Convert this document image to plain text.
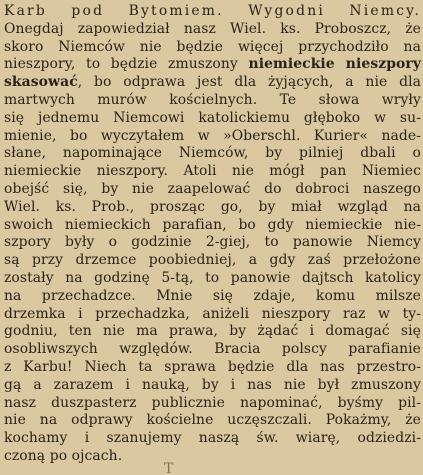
Karb pod Bytomiem. Wygodni Niemcy.
Onegdaj zapowiedział nasz Wiel. ks. Proboszcz, że
skoro Niemców nie będzie więcej przychodziło na
nieszpory, to będzie zmuszony niemieckie nieszpory
skasować, bo odprawa jest dla żyjących, a nie dla
martwych murów kościelnych. Te słowa wryły
się jednemu Niemcowi katolickiemu głęboko w su-
mienie, bo wyczytałem w »Oberschl. Kurier« nade-
słane, napominające Niemców, by pilniej dbali o
niemieckie nieszpory. Atoli nie mógł pan Niemiec
obejść się, by nie zaapelować do dobroci naszego
Wiel. ks. Prob., prosząc go, by miał wzgląd na
swoich niemieckich parafian, bo gdy niemieckie nie-
szpory były o godzinie 2-giej, to panowie Niemcy
są przy drzemce poobiedniej, a gdy zaś przełożone
zostały na godzinę 5-tą, to panowie dajtsch katolicy
na przechadzce. Mnie się zdaje, komu milsze
drzemka i przechadzka, aniżeli nieszpory raz w ty-
godniu, ten nie ma prawa, by żądać i domagać się
osobliwszych względów. Bracia polscy parafianie
z Karbu! Niech ta sprawa będzie dla nas przestro-
gą a zarazem i nauką, by i nas nie był zmuszony
nasz duszpasterz publicznie napominać, byśmy pil-
nie na odprawy kościelne uczęszczali. Pokażmy, że
kochamy i szanujemy naszą św. wiarę, odziedzi-
czoną po ojcach.
T
